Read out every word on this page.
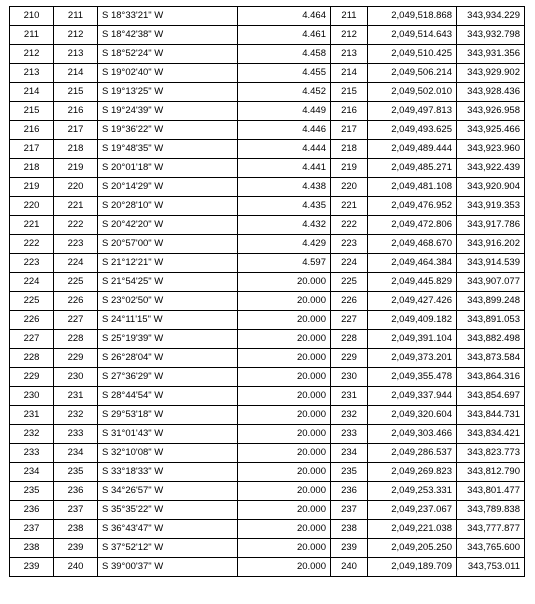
210	211	S 18°33'21" W	4.464	211	2,049,518.868	343,934.229
211	212	S 18°42'38" W	4.461	212	2,049,514.643	343,932.798
212	213	S 18°52'24" W	4.458	213	2,049,510.425	343,931.356
213	214	S 19°02'40" W	4.455	214	2,049,506.214	343,929.902
214	215	S 19°13'25" W	4.452	215	2,049,502.010	343,928.436
215	216	S 19°24'39" W	4.449	216	2,049,497.813	343,926.958
216	217	S 19°36'22" W	4.446	217	2,049,493.625	343,925.466
217	218	S 19°48'35" W	4.444	218	2,049,489.444	343,923.960
218	219	S 20°01'18" W	4.441	219	2,049,485.271	343,922.439
219	220	S 20°14'29" W	4.438	220	2,049,481.108	343,920.904
220	221	S 20°28'10" W	4.435	221	2,049,476.952	343,919.353
221	222	S 20°42'20" W	4.432	222	2,049,472.806	343,917.786
222	223	S 20°57'00" W	4.429	223	2,049,468.670	343,916.202
223	224	S 21°12'21" W	4.597	224	2,049,464.384	343,914.539
224	225	S 21°54'25" W	20.000	225	2,049,445.829	343,907.077
225	226	S 23°02'50" W	20.000	226	2,049,427.426	343,899.248
226	227	S 24°11'15" W	20.000	227	2,049,409.182	343,891.053
227	228	S 25°19'39" W	20.000	228	2,049,391.104	343,882.498
228	229	S 26°28'04" W	20.000	229	2,049,373.201	343,873.584
229	230	S 27°36'29" W	20.000	230	2,049,355.478	343,864.316
230	231	S 28°44'54" W	20.000	231	2,049,337.944	343,854.697
231	232	S 29°53'18" W	20.000	232	2,049,320.604	343,844.731
232	233	S 31°01'43" W	20.000	233	2,049,303.466	343,834.421
233	234	S 32°10'08" W	20.000	234	2,049,286.537	343,823.773
234	235	S 33°18'33" W	20.000	235	2,049,269.823	343,812.790
235	236	S 34°26'57" W	20.000	236	2,049,253.331	343,801.477
236	237	S 35°35'22" W	20.000	237	2,049,237.067	343,789.838
237	238	S 36°43'47" W	20.000	238	2,049,221.038	343,777.877
238	239	S 37°52'12" W	20.000	239	2,049,205.250	343,765.600
239	240	S 39°00'37" W	20.000	240	2,049,189.709	343,753.011
